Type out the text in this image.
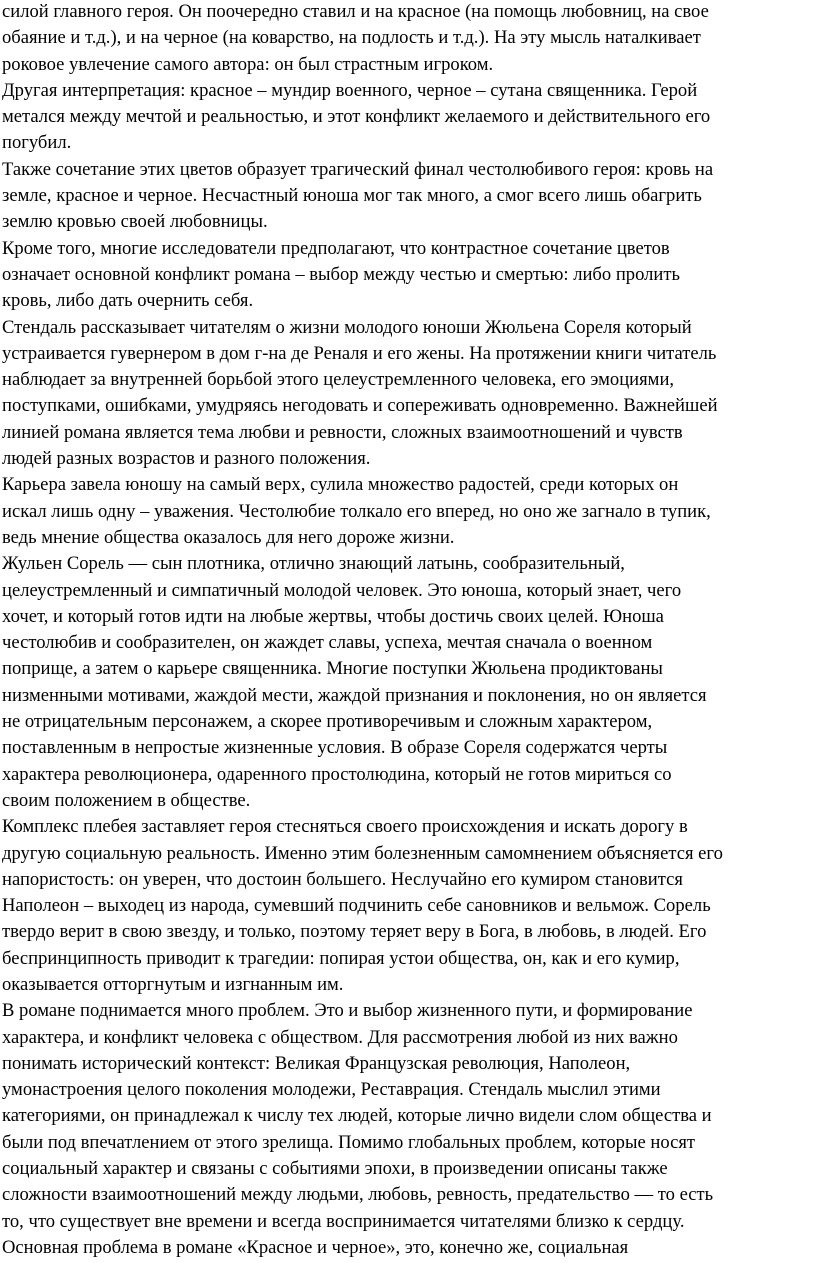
силой главного героя. Он поочередно ставил и на красное (на помощь любовниц, на свое
обаяние и т.д.), и на черное (на коварство, на подлость и т.д.). На эту мысль наталкивает
роковое увлечение самого автора: он был страстным игроком.

Другая интерпретация: красное – мундир военного, черное – сутана священника. Герой
метался между мечтой и реальностью, и этот конфликт желаемого и действительного его
погубил.

Также сочетание этих цветов образует трагический финал честолюбивого героя: кровь на
земле, красное и черное. Несчастный юноша мог так много, а смог всего лишь обагрить
землю кровью своей любовницы.

Кроме того, многие исследователи предполагают, что контрастное сочетание цветов
означает основной конфликт романа – выбор между честью и смертью: либо пролить
кровь, либо дать очернить себя.

Стендаль рассказывает читателям о жизни молодого юноши Жюльена Сореля который
устраивается гувернером в дом г-на де Реналя и его жены. На протяжении книги читатель
наблюдает за внутренней борьбой этого целеустремленного человека, его эмоциями,
поступками, ошибками, умудряясь негодовать и сопереживать одновременно. Важнейшей
линией романа является тема любви и ревности, сложных взаимоотношений и чувств
людей разных возрастов и разного положения.

Карьера завела юношу на самый верх, сулила множество радостей, среди которых он
искал лишь одну – уважения. Честолюбие толкало его вперед, но оно же загнало в тупик,
ведь мнение общества оказалось для него дороже жизни.

Жульен Сорель — сын плотника, отлично знающий латынь, сообразительный,
целеустремленный и симпатичный молодой человек. Это юноша, который знает, чего
хочет, и который готов идти на любые жертвы, чтобы достичь своих целей. Юноша
честолюбив и сообразителен, он жаждет славы, успеха, мечтая сначала о военном
поприще, а затем о карьере священника. Многие поступки Жюльена продиктованы
низменными мотивами, жаждой мести, жаждой признания и поклонения, но он является
не отрицательным персонажем, а скорее противоречивым и сложным характером,
поставленным в непростые жизненные условия. В образе Сореля содержатся черты
характера революционера, одаренного простолюдина, который не готов мириться со
своим положением в обществе.

Комплекс плебея заставляет героя стесняться своего происхождения и искать дорогу в
другую социальную реальность. Именно этим болезненным самомнением объясняется его
напористость: он уверен, что достоин большего. Неслучайно его кумиром становится
Наполеон – выходец из народа, сумевший подчинить себе сановников и вельмож. Сорель
твердо верит в свою звезду, и только, поэтому теряет веру в Бога, в любовь, в людей. Его
беспринципность приводит к трагедии: попирая устои общества, он, как и его кумир,
оказывается отторгнутым и изгнанным им.

В романе поднимается много проблем. Это и выбор жизненного пути, и формирование
характера, и конфликт человека с обществом. Для рассмотрения любой из них важно
понимать исторический контекст: Великая Французская революция, Наполеон,
умонастроения целого поколения молодежи, Реставрация. Стендаль мыслил этими
категориями, он принадлежал к числу тех людей, которые лично видели слом общества и
были под впечатлением от этого зрелища. Помимо глобальных проблем, которые носят
социальный характер и связаны с событиями эпохи, в произведении описаны также
сложности взаимоотношений между людьми, любовь, ревность, предательство — то есть
то, что существует вне времени и всегда воспринимается читателями близко к сердцу.

Основная проблема в романе «Красное и черное», это, конечно же, социальная
